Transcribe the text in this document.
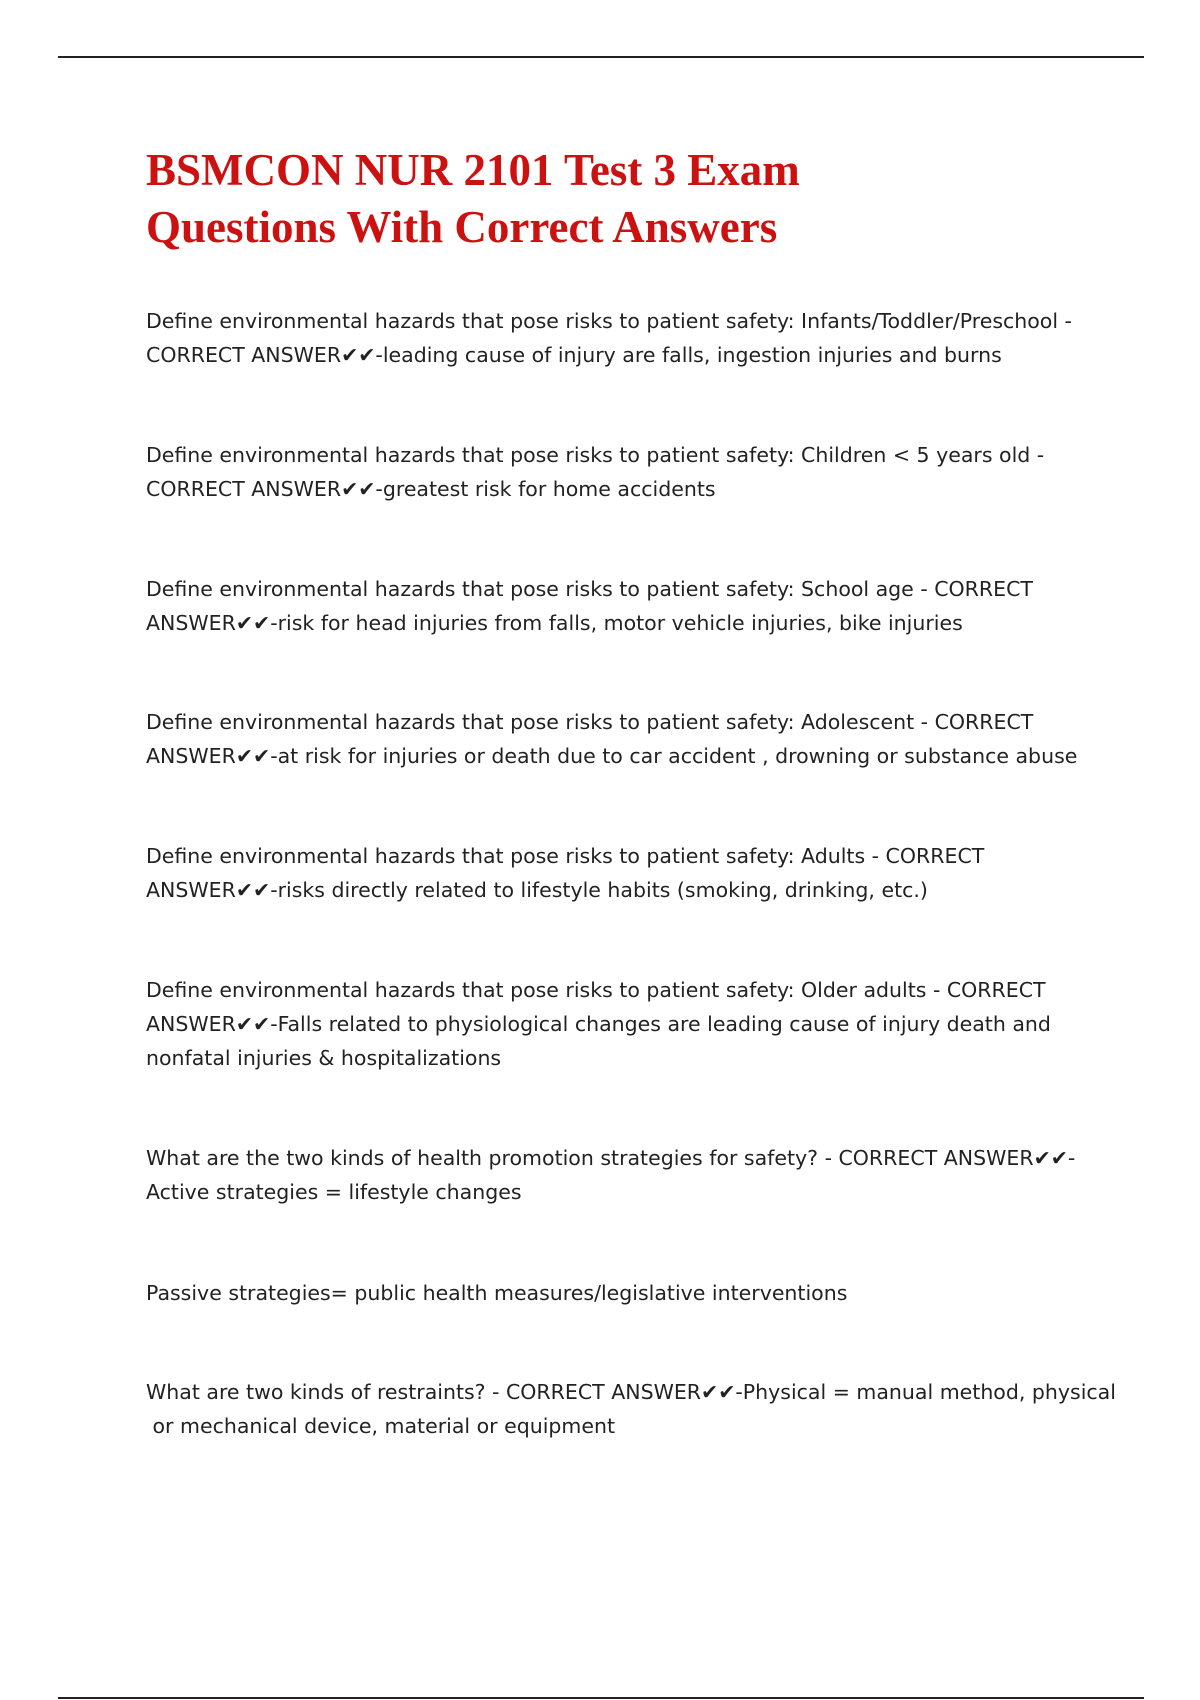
BSMCON NUR 2101 Test 3 Exam
Questions With Correct Answers

Define environmental hazards that pose risks to patient safety: Infants/Toddler/Preschool -
CORRECT ANSWER✔✔-leading cause of injury are falls, ingestion injuries and burns

Define environmental hazards that pose risks to patient safety: Children < 5 years old -
CORRECT ANSWER✔✔-greatest risk for home accidents

Define environmental hazards that pose risks to patient safety: School age - CORRECT
ANSWER✔✔-risk for head injuries from falls, motor vehicle injuries, bike injuries

Define environmental hazards that pose risks to patient safety: Adolescent - CORRECT
ANSWER✔✔-at risk for injuries or death due to car accident , drowning or substance abuse

Define environmental hazards that pose risks to patient safety: Adults - CORRECT
ANSWER✔✔-risks directly related to lifestyle habits (smoking, drinking, etc.)

Define environmental hazards that pose risks to patient safety: Older adults - CORRECT
ANSWER✔✔-Falls related to physiological changes are leading cause of injury death and
nonfatal injuries & hospitalizations

What are the two kinds of health promotion strategies for safety? - CORRECT ANSWER✔✔-
Active strategies = lifestyle changes

Passive strategies= public health measures/legislative interventions

What are two kinds of restraints? - CORRECT ANSWER✔✔-Physical = manual method, physical
or mechanical device, material or equipment
